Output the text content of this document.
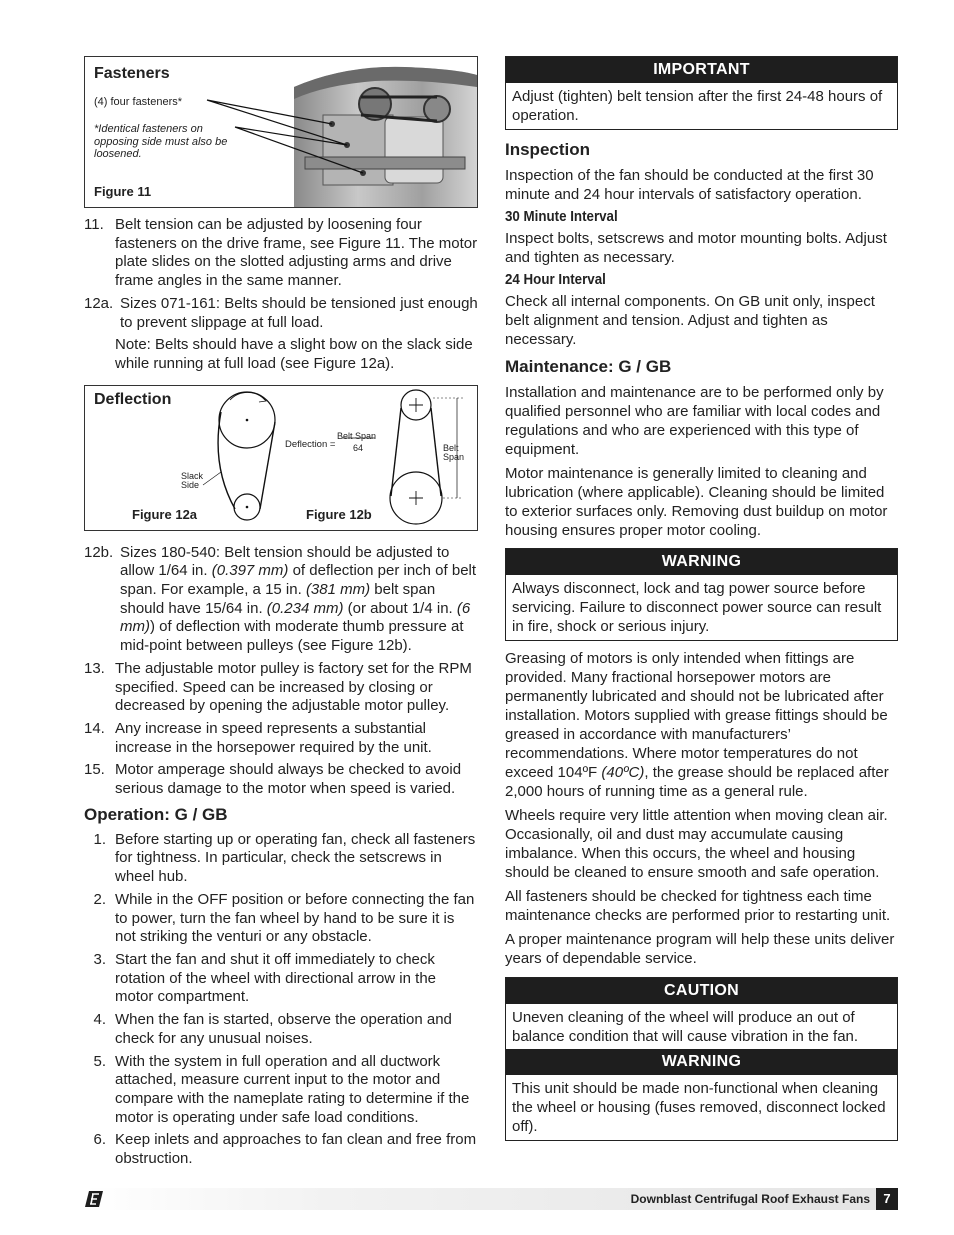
Fasteners
(4) four fasteners*
*Identical fasteners on opposing side must also be loosened.
Figure 11
11. Belt tension can be adjusted by loosening four fasteners on the drive frame, see Figure 11. The motor plate slides on the slotted adjusting arms and drive frame angles in the same manner.
12a. Sizes 071-161: Belts should be tensioned just enough to prevent slippage at full load.
Note: Belts should have a slight bow on the slack side while running at full load (see Figure 12a).
Deflection
Slack Side
Deflection =
Belt Span
64	Belt Span
Figure 12a	Figure 12b
12b. Sizes 180-540: Belt tension should be adjusted to allow 1/64 in. (0.397 mm) of deflection per inch of belt span. For example, a 15 in. (381 mm) belt span should have 15/64 in. (0.234 mm) (or about 1/4 in. (6 mm)) of deflection with moderate thumb pressure at mid-point between pulleys (see Figure 12b).
13. The adjustable motor pulley is factory set for the RPM specified. Speed can be increased by closing or decreased by opening the adjustable motor pulley.
14. Any increase in speed represents a substantial increase in the horsepower required by the unit.
15. Motor amperage should always be checked to avoid serious damage to the motor when speed is varied.
Operation: G / GB
1. Before starting up or operating fan, check all fasteners for tightness. In particular, check the setscrews in wheel hub.
2. While in the OFF position or before connecting the fan to power, turn the fan wheel by hand to be sure it is not striking the venturi or any obstacle.
3. Start the fan and shut it off immediately to check rotation of the wheel with directional arrow in the motor compartment.
4. When the fan is started, observe the operation and check for any unusual noises.
5. With the system in full operation and all ductwork attached, measure current input to the motor and compare with the nameplate rating to determine if the motor is operating under safe load conditions.
6. Keep inlets and approaches to fan clean and free from obstruction.
IMPORTANT
Adjust (tighten) belt tension after the first 24-48 hours of operation.
Inspection

Inspection of the fan should be conducted at the first 30 minute and 24 hour intervals of satisfactory operation.

30 Minute Interval

Inspect bolts, setscrews and motor mounting bolts. Adjust and tighten as necessary.

24 Hour Interval

Check all internal components. On GB unit only, inspect belt alignment and tension. Adjust and tighten as necessary.

Maintenance: G / GB

Installation and maintenance are to be performed only by qualified personnel who are familiar with local codes and regulations and who are experienced with this type of equipment.

Motor maintenance is generally limited to cleaning and lubrication (where applicable). Cleaning should be limited to exterior surfaces only. Removing dust buildup on motor housing ensures proper motor cooling.

WARNING
Always disconnect, lock and tag power source before servicing. Failure to disconnect power source can result in fire, shock or serious injury.

Greasing of motors is only intended when fittings are provided. Many fractional horsepower motors are permanently lubricated and should not be lubricated after installation. Motors supplied with grease fittings should be greased in accordance with manufacturers’ recommendations. Where motor temperatures do not exceed 104ºF (40ºC), the grease should be replaced after 2,000 hours of running time as a general rule.

Wheels require very little attention when moving clean air. Occasionally, oil and dust may accumulate causing imbalance. When this occurs, the wheel and housing should be cleaned to ensure smooth and safe operation.

All fasteners should be checked for tightness each time maintenance checks are performed prior to restarting unit.

A proper maintenance program will help these units deliver years of dependable service.

CAUTION
Uneven cleaning of the wheel will produce an out of balance condition that will cause vibration in the fan.
WARNING
This unit should be made non-functional when cleaning the wheel or housing (fuses removed, disconnect locked off).
Downblast Centrifugal Roof Exhaust Fans	7
